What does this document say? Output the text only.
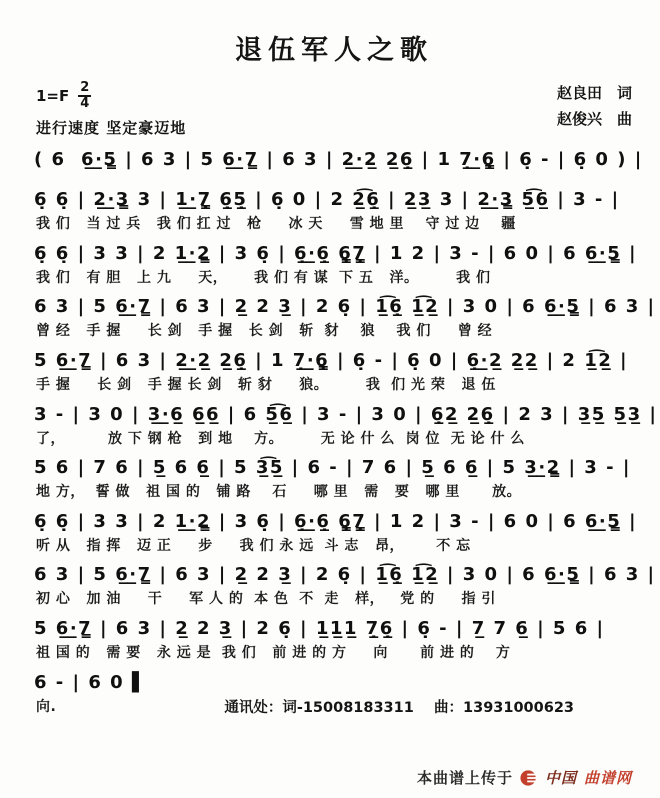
退伍军人之歌
$1=F \frac{2}{4}$
进行速度 坚定豪迈地
赵良田　词
赵俊兴　曲
( 6  6̲·̲5̳ | 6 3 | 5 6̲·̲7̳ | 6 3 | 2̲·̲2̲ 2̲6̲̣ | 1 7̲̣·̲6̳̣ | 6̣ - | 6̣ 0 ) |
6̣ 6̣ | 2̲·̲3̳ 3 | 1̲·̲7̳̣ 6̲̣5̲̣ | 6̣ 0 | 2 2̲͡6̲̣ | 2̲3̲ 3 | 2̲·̲3̳ 5̲͡6̲ | 3 - |
我 们   当 过 兵   我 们 扛 过   枪     冰 天     雪 地 里    守 过 边    疆
6̣ 6̣ | 3 3 | 2 1̲·̲2̳ | 3 6̣ | 6̲̣·̲6̲̣ 6̳̣7̳̣ | 1 2 | 3 - | 6 0 | 6 6̲·̲5̳ |
我 们   有 胆   上 九     天，     我 们 有 谋  下 五   洋。       我 们
6 3 | 5 6̲·̲7̳ | 6 3 | 2̲ 2 3̲ | 2 6̣ | 1̲͡6̲̣ 1̲͡2̲ | 3 0 | 6 6̲·̲5̳ | 6 3 |
曾 经   手 握     长 剑   手 握   长 剑   斩  豺    狼    我 们     曾 经
5 6̲·̲7̳ | 6 3 | 2̲·̲2̲ 2̲6̲̣ | 1 7̲̣·̲6̳̣ | 6̣ - | 6̣ 0 | 6̲̣·̲2̲ 2̲2̲ | 2 1̲͡2̲ |
手 握     长 剑   手 握 长 剑   斩 豺     狼。       我  们 光 荣   退 伍
3 - | 3 0 | 3̲·̲6̲ 6̲6̲ | 6 5̲͡6̲ | 3 - | 3 0 | 6̲̣2̲ 2̲6̲̣ | 2 3 | 3̲5̲ 5̲3̲ |
了，        放 下 钢 枪   到 地    方。       无 论 什 么  岗 位  无 论 什 么
5 6 | 7 6 | 5̲ 6 6̲ | 5 3̲͡5̲ | 6 - | 7 6 | 5̲ 6 6̲ | 5 3̲·̲2̳ | 3 - |
地 方，  誓 做   祖 国 的   铺 路    石     哪 里   需   要   哪 里      放。
6̣ 6̣ | 3 3 | 2 1̲·̲2̳ | 3 6̣ | 6̲̣·̲6̲̣ 6̳̣7̳̣ | 1 2 | 3 - | 6 0 | 6 6̲·̲5̳ |
听 从   指 挥   迈 正     步     我 们 永 远  斗 志   昂，      不 忘
6 3 | 5 6̲·̲7̳ | 6 3 | 2̲ 2 3̲ | 2 6̣ | 1̲͡6̲̣ 1̲͡2̲ | 3 0 | 6 6̲·̲5̳ | 6 3 |
初 心   加 油     干     军 人 的  本 色  不  走   样，   党 的     指 引
5 6̲·̲7̳ | 6 3 | 2̲ 2 3̲ | 2 6̣ | 1̲1̲1̲ 7̲̣6̲̣ | 6̣ - | 7̲ 7 6̲ | 5 6 |
祖 国 的   需 要   永 远 是  我 们   前 进 的 方     向      前 进 的    方
6 - | 6 0 ▌
向.	通讯处：词-15008183311    曲：13931000623
本曲谱上传于 中国 曲谱网
